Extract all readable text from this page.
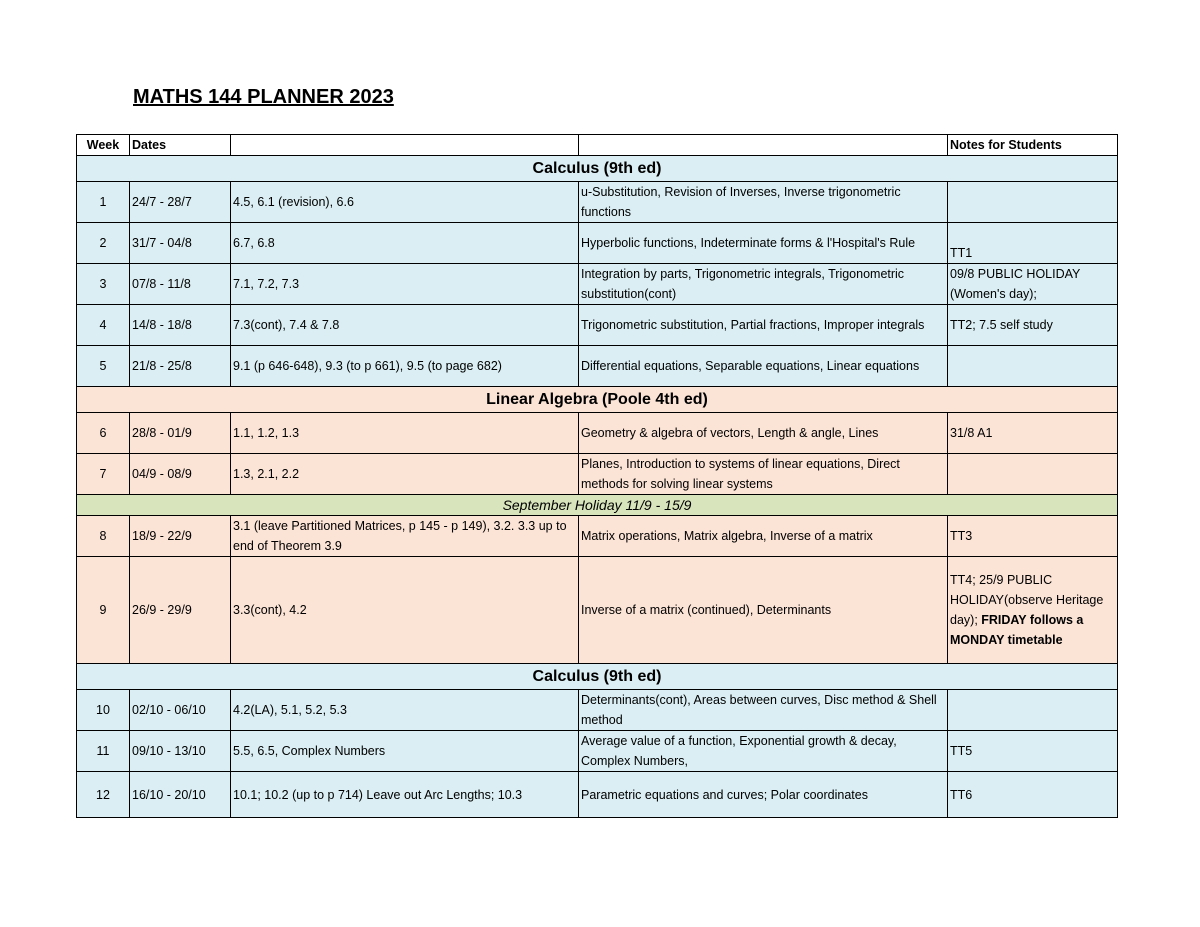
MATHS 144 PLANNER 2023
Week	Dates			Notes for Students
Calculus (9th ed)				
1	24/7 - 28/7	4.5, 6.1 (revision), 6.6	u-Substitution, Revision of Inverses, Inverse trigonometric functions	
2	31/7 - 04/8	6.7, 6.8	Hyperbolic functions, Indeterminate forms & l'Hospital's Rule	TT1
3	07/8 - 11/8	7.1, 7.2, 7.3	Integration by parts, Trigonometric integrals, Trigonometric substitution(cont)	09/8 PUBLIC HOLIDAY (Women's day);
4	14/8 - 18/8	7.3(cont), 7.4 & 7.8	Trigonometric substitution, Partial fractions, Improper integrals	TT2; 7.5 self study
5	21/8 - 25/8	9.1 (p 646-648), 9.3 (to p 661), 9.5 (to page 682)	Differential equations, Separable equations, Linear equations	
Linear Algebra (Poole 4th ed)				
6	28/8 - 01/9	1.1, 1.2, 1.3	Geometry & algebra of vectors, Length & angle, Lines	31/8 A1
7	04/9 - 08/9	1.3, 2.1, 2.2	Planes, Introduction to systems of linear equations, Direct methods for solving linear systems	
September Holiday 11/9 - 15/9				
8	18/9 - 22/9	3.1 (leave Partitioned Matrices, p 145 - p 149), 3.2. 3.3 up to end of Theorem 3.9	Matrix operations, Matrix algebra, Inverse of a matrix	TT3
9	26/9 - 29/9	3.3(cont), 4.2	Inverse of a matrix (continued), Determinants	TT4; 25/9 PUBLIC HOLIDAY(observe Heritage day); FRIDAY follows a MONDAY timetable
Calculus (9th ed)				
10	02/10 - 06/10	4.2(LA), 5.1, 5.2, 5.3	Determinants(cont), Areas between curves, Disc method & Shell method	
11	09/10 - 13/10	5.5, 6.5, Complex Numbers	Average value of a function, Exponential growth & decay, Complex Numbers,	TT5
12	16/10 - 20/10	10.1; 10.2 (up to p 714) Leave out Arc Lengths; 10.3	Parametric equations and curves; Polar coordinates	TT6
